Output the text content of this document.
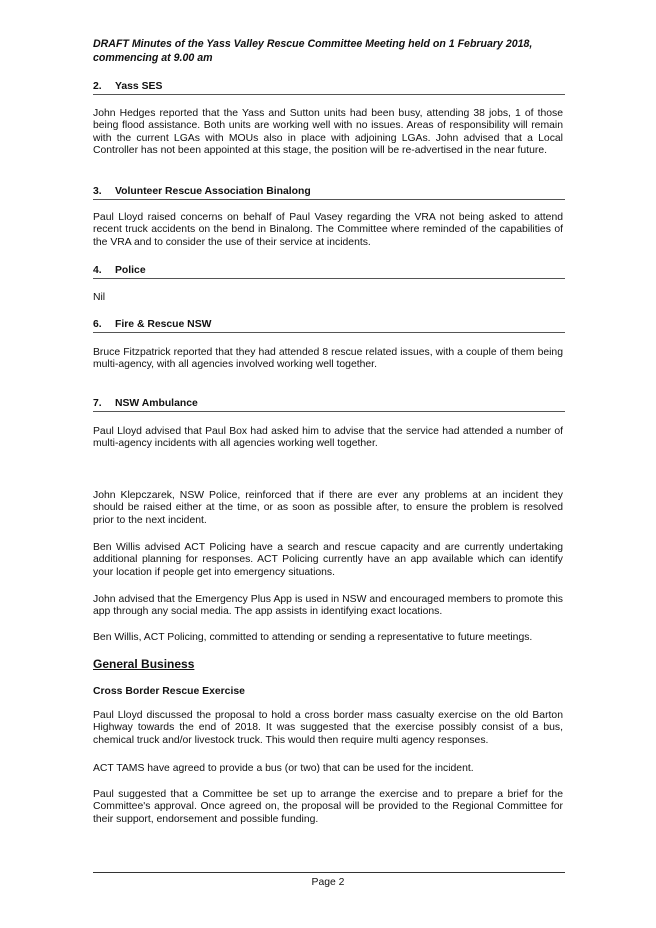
DRAFT Minutes of the Yass Valley Rescue Committee Meeting held on 1 February 2018, commencing at 9.00 am
2. Yass SES

John Hedges reported that the Yass and Sutton units had been busy, attending 38 jobs, 1 of those being flood assistance. Both units are working well with no issues. Areas of responsibility will remain with the current LGAs with MOUs also in place with adjoining LGAs. John advised that a Local Controller has not been appointed at this stage, the position will be re-advertised in the near future.

3. Volunteer Rescue Association Binalong

Paul Lloyd raised concerns on behalf of Paul Vasey regarding the VRA not being asked to attend recent truck accidents on the bend in Binalong. The Committee where reminded of the capabilities of the VRA and to consider the use of their service at incidents.

4. Police

Nil

6. Fire & Rescue NSW

Bruce Fitzpatrick reported that they had attended 8 rescue related issues, with a couple of them being multi-agency, with all agencies involved working well together.

7. NSW Ambulance

Paul Lloyd advised that Paul Box had asked him to advise that the service had attended a number of multi-agency incidents with all agencies working well together.

John Klepczarek, NSW Police, reinforced that if there are ever any problems at an incident they should be raised either at the time, or as soon as possible after, to ensure the problem is resolved prior to the next incident.

Ben Willis advised ACT Policing have a search and rescue capacity and are currently undertaking additional planning for responses. ACT Policing currently have an app available which can identify your location if people get into emergency situations.

John advised that the Emergency Plus App is used in NSW and encouraged members to promote this app through any social media. The app assists in identifying exact locations.

Ben Willis, ACT Policing, committed to attending or sending a representative to future meetings.

General Business
Cross Border Rescue Exercise

Paul Lloyd discussed the proposal to hold a cross border mass casualty exercise on the old Barton Highway towards the end of 2018. It was suggested that the exercise possibly consist of a bus, chemical truck and/or livestock truck. This would then require multi agency responses.

ACT TAMS have agreed to provide a bus (or two) that can be used for the incident.

Paul suggested that a Committee be set up to arrange the exercise and to prepare a brief for the Committee's approval. Once agreed on, the proposal will be provided to the Regional Committee for their support, endorsement and possible funding.

Page 2
